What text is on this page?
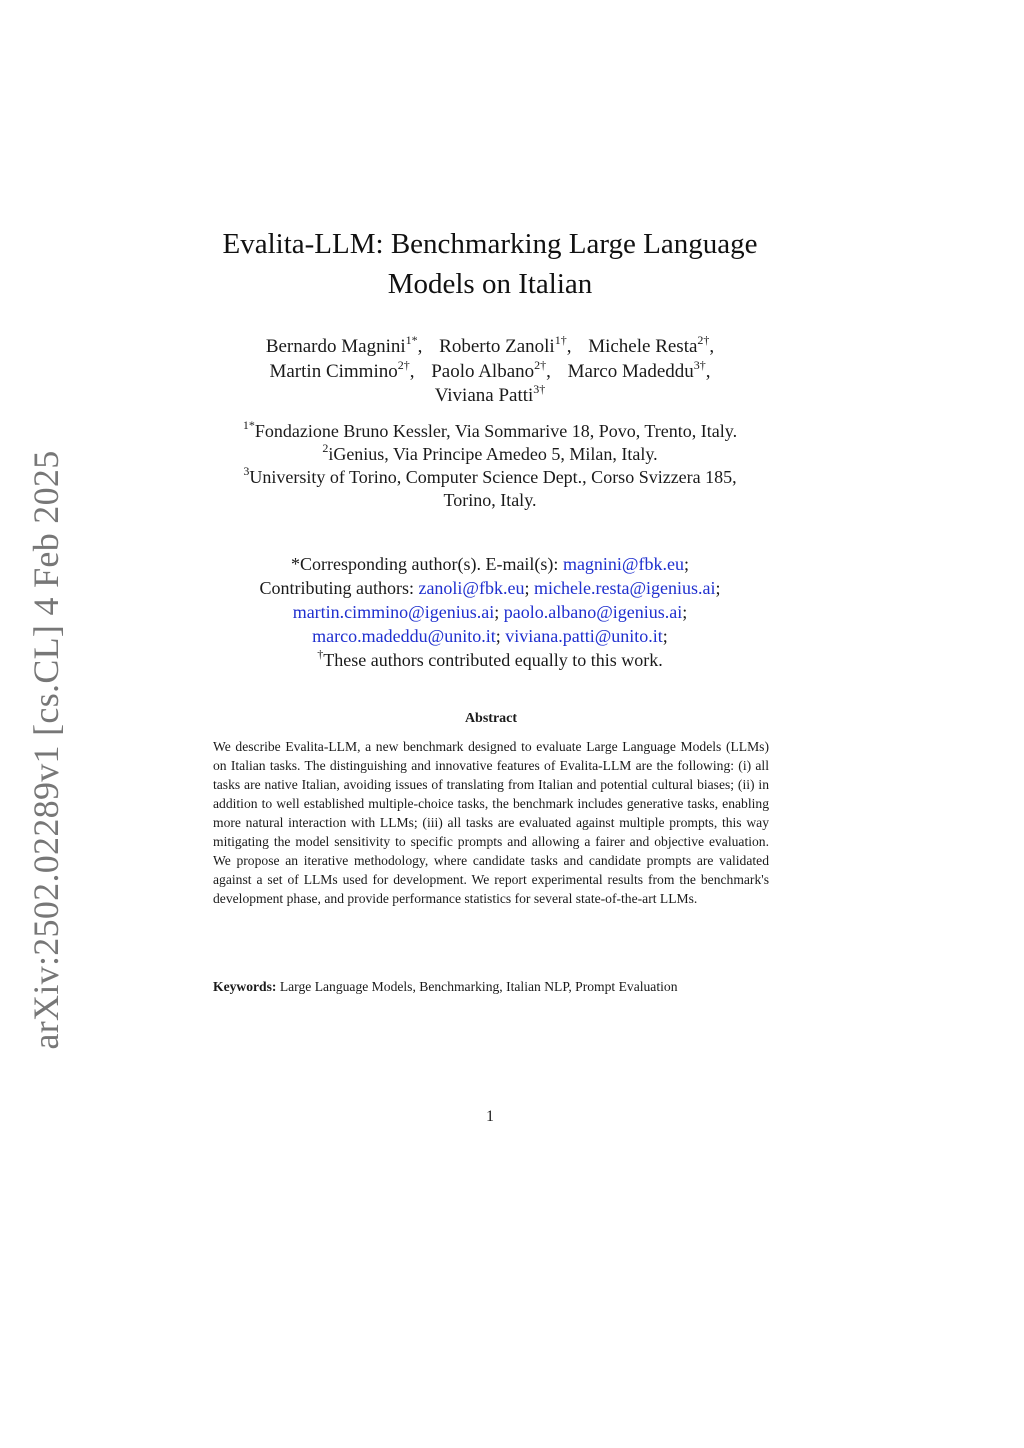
arXiv:2502.02289v1 [cs.CL] 4 Feb 2025
Evalita-LLM: Benchmarking Large Language
Models on Italian
Bernardo Magnini$^{1*}$, Roberto Zanoli$^{1\dagger}$, Michele Resta$^{2\dagger}$,
Martin Cimmino$^{2\dagger}$, Paolo Albano$^{2\dagger}$, Marco Madeddu$^{3\dagger}$,
Viviana Patti$^{3\dagger}$
$^{1*}$Fondazione Bruno Kessler, Via Sommarive 18, Povo, Trento, Italy.
$^2$iGenius, Via Principe Amedeo 5, Milan, Italy.
$^3$University of Torino, Computer Science Dept., Corso Svizzera 185,
Torino, Italy.
*Corresponding author(s). E-mail(s): magnini@fbk.eu;
Contributing authors: zanoli@fbk.eu; michele.resta@igenius.ai;
martin.cimmino@igenius.ai; paolo.albano@igenius.ai;
marco.madeddu@unito.it; viviana.patti@unito.it;
†These authors contributed equally to this work.
Abstract
We describe Evalita-LLM, a new benchmark designed to evaluate Large Language Models (LLMs) on Italian tasks. The distinguishing and innovative features of Evalita-LLM are the following: (i) all tasks are native Italian, avoiding issues of translating from Italian and potential cultural biases; (ii) in addition to well established multiple-choice tasks, the benchmark includes generative tasks, enabling more natural interaction with LLMs; (iii) all tasks are evaluated against multiple prompts, this way mitigating the model sensitivity to specific prompts and allowing a fairer and objective evaluation. We propose an iterative methodology, where candidate tasks and candidate prompts are validated against a set of LLMs used for development. We report experimental results from the benchmark's development phase, and provide performance statistics for several state-of-the-art LLMs.
Keywords: Large Language Models, Benchmarking, Italian NLP, Prompt Evaluation
1
